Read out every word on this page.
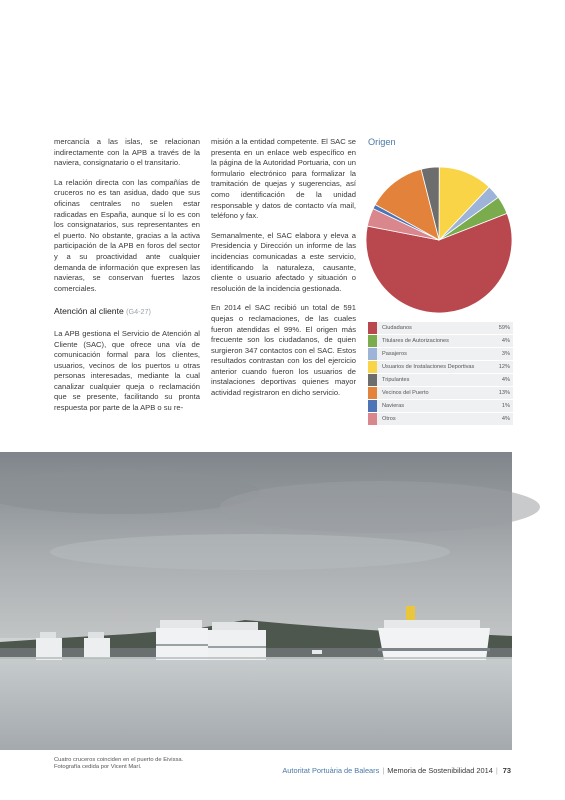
mercancía a las islas, se relacionan indirectamente con la APB a través de la naviera, consignatario o el transitario.

La relación directa con las compañías de cruceros no es tan asidua, dado que sus oficinas centrales no suelen estar radicadas en España, aunque sí lo es con los consignatarios, sus representantes en el puerto. No obstante, gracias a la activa participación de la APB en foros del sector y a su proactividad ante cualquier demanda de información que expresen las navieras, se conservan fuertes lazos comerciales.

Atención al cliente (G4-27)

La APB gestiona el Servicio de Atención al Cliente (SAC), que ofrece una vía de comunicación formal para los clientes, usuarios, vecinos de los puertos u otras personas interesadas, mediante la cual canalizar cualquier queja o reclamación que se presente, facilitando su pronta respuesta por parte de la APB o su re-

misión a la entidad competente. El SAC se presenta en un enlace web específico en la página de la Autoridad Portuaria, con un formulario electrónico para formalizar la tramitación de quejas y sugerencias, así como identificación de la unidad responsable y datos de contacto vía mail, teléfono y fax.

Semanalmente, el SAC elabora y eleva a Presidencia y Dirección un informe de las incidencias comunicadas a este servicio, identificando la naturaleza, causante, cliente o usuario afectado y situación o resolución de la incidencia gestionada.

En 2014 el SAC recibió un total de 591 quejas o reclamaciones, de las cuales fueron atendidas el 99%. El origen más frecuente son los ciudadanos, de quien surgieron 347 contactos con el SAC. Estos resultados contrastan con los del ejercicio anterior cuando fueron los usuarios de instalaciones deportivas quienes mayor actividad registraron en dicho servicio.

Origen
	Ciudadanos	59%
	Titulares de Autorizaciones	4%
	Pasajeros	3%
	Usuarios de Instalaciones Deportivas	12%
	Tripulantes	4%
	Vecinos del Puerto	13%
	Navieras	1%
	Otros	4%
Cuatro cruceros coinciden en el puerto de Eivissa.
Fotografía cedida por Vicent Marí.	Autoritat Portuària de Balears | Memoria de Sostenibilidad 2014 | 73
